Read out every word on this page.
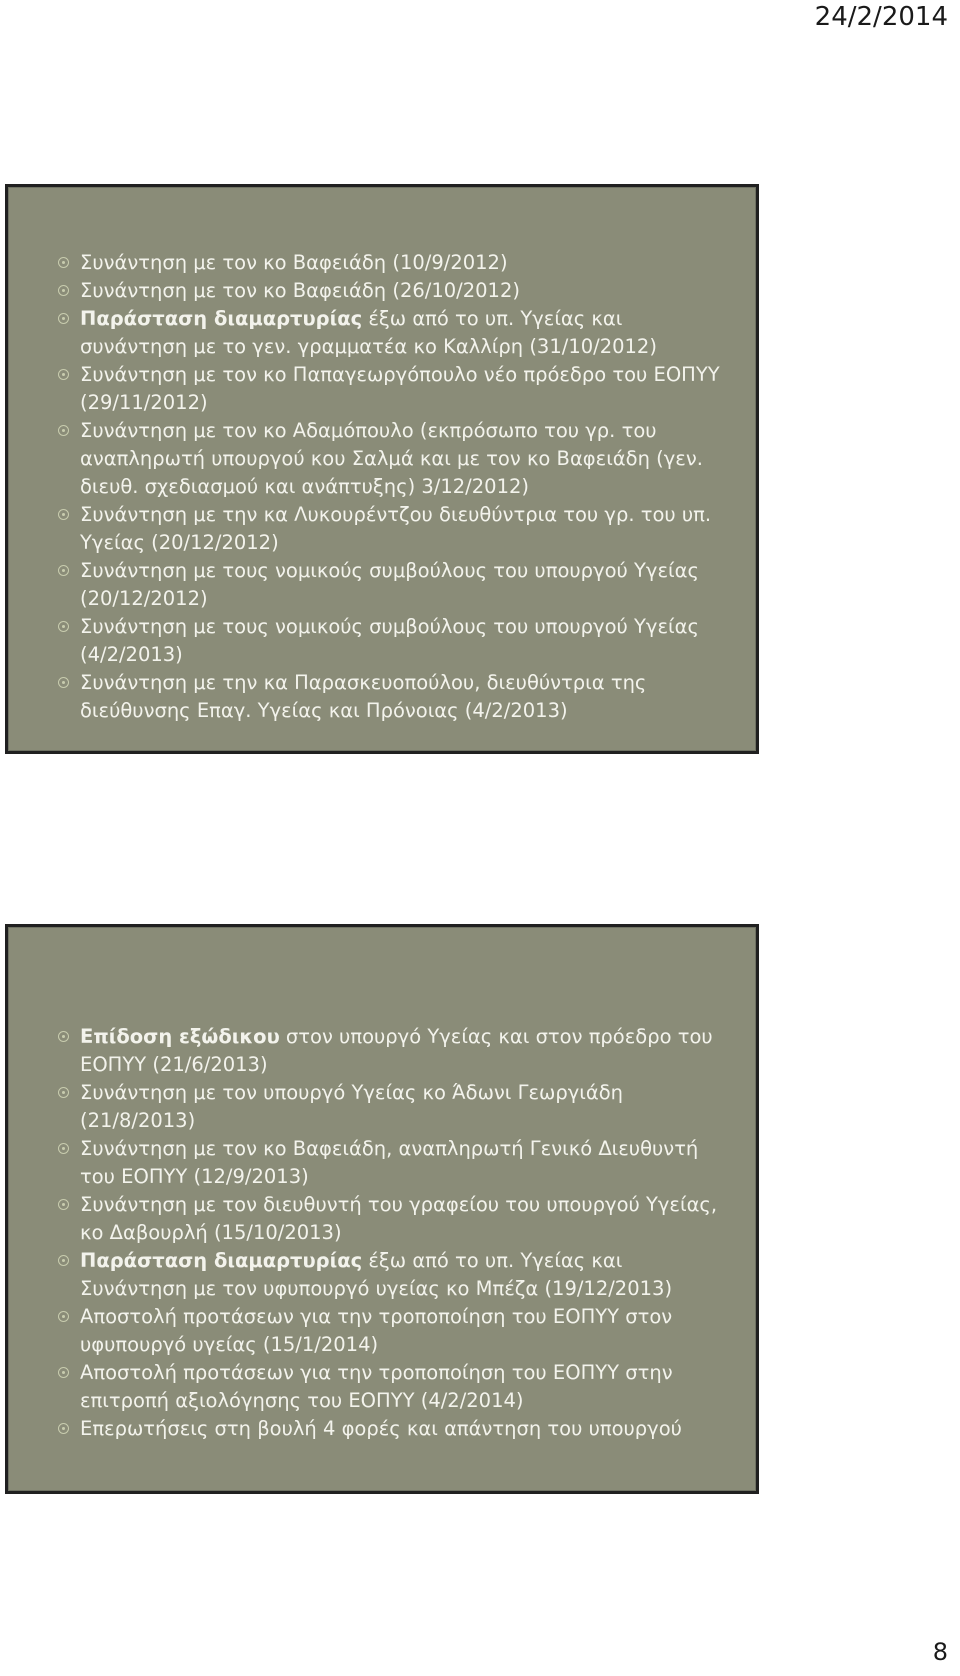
24/2/2014
Συνάντηση με τον κο Βαφειάδη (10/9/2012)
Συνάντηση με τον κο Βαφειάδη (26/10/2012)
Παράσταση διαμαρτυρίας έξω από το υπ. Υγείας και συνάντηση με το γεν. γραμματέα κο Καλλίρη (31/10/2012)
Συνάντηση με τον κο Παπαγεωργόπουλο νέο πρόεδρο του ΕΟΠΥΥ (29/11/2012)
Συνάντηση με τον κο Αδαμόπουλο (εκπρόσωπο του γρ. του αναπληρωτή υπουργού κου Σαλμά και με τον κο Βαφειάδη (γεν. διευθ. σχεδιασμού και ανάπτυξης) 3/12/2012)
Συνάντηση με την κα Λυκουρέντζου διευθύντρια του γρ. του υπ. Υγείας (20/12/2012)
Συνάντηση με τους νομικούς συμβούλους του υπουργού Υγείας (20/12/2012)
Συνάντηση με τους νομικούς συμβούλους του υπουργού Υγείας (4/2/2013)
Συνάντηση με την κα Παρασκευοπούλου, διευθύντρια της διεύθυνσης Επαγ. Υγείας και Πρόνοιας (4/2/2013)
Επίδοση εξώδικου στον υπουργό Υγείας και στον πρόεδρο του ΕΟΠΥΥ (21/6/2013)
Συνάντηση με τον υπουργό Υγείας κο Άδωνι Γεωργιάδη (21/8/2013)
Συνάντηση με τον κο Βαφειάδη, αναπληρωτή Γενικό Διευθυντή του ΕΟΠΥΥ (12/9/2013)
Συνάντηση με τον διευθυντή του γραφείου του υπουργού Υγείας, κο Δαβουρλή (15/10/2013)
Παράσταση διαμαρτυρίας έξω από το υπ. Υγείας και Συνάντηση με τον υφυπουργό υγείας κο Μπέζα (19/12/2013)
Αποστολή προτάσεων για την τροποποίηση του ΕΟΠΥΥ στον υφυπουργό υγείας (15/1/2014)
Αποστολή προτάσεων για την τροποποίηση του ΕΟΠΥΥ στην επιτροπή αξιολόγησης του ΕΟΠΥΥ (4/2/2014)
Επερωτήσεις στη βουλή 4 φορές και απάντηση του υπουργού
8
